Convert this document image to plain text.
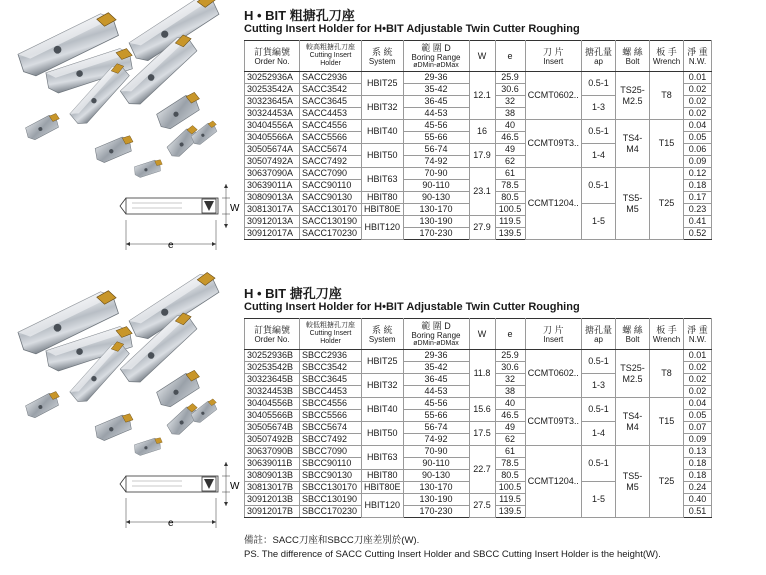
W
e
H • BIT 粗搪孔刀座
Cutting Insert Holder for H•BIT Adjustable Twin Cutter Roughing
訂貨編號
Order No.	較高粗搪孔刀座
Cutting Insert
Holder	系 統
System	範 圍 D
Boring Range
øDMin-øDMax	W	e	刀 片
Insert	搪孔量
ap	螺 絲
Bolt	板 手
Wrench	淨 重
N.W.

30252936A	SACC2936	HBIT25	29-36	12.1	25.9	CCMT0602..	0.5-1	TS25-M2.5	T8	0.01
30253542A	SACC3542		35-42		30.6					0.02
30323645A	SACC3645	HBIT32	36-45		32		1-3			0.02
30324453A	SACC4453		44-53		38					0.02
30404556A	SACC4556	HBIT40	45-56	16	40	CCMT09T3..	0.5-1	TS4-M4	T15	0.04
30405566A	SACC5566		55-66		46.5					0.05
30505674A	SACC5674	HBIT50	56-74	17.9	49		1-4			0.06
30507492A	SACC7492		74-92		62					0.09
30637090A	SACC7090	HBIT63	70-90	23.1	61	CCMT1204..	0.5-1	TS5-M5	T25	0.12
30639011A	SACC90110		90-110		78.5					0.18
30809013A	SACC90130	HBIT80	90-130		80.5					0.17
30813017A	SACC130170	HBIT80E	130-170		100.5		1-5			0.23
30912013A	SACC130190	HBIT120	130-190	27.9	119.5					0.41
30912017A	SACC170230		170-230		139.5					0.52
W
e
H • BIT 搪孔刀座
Cutting Insert Holder for H•BIT Adjustable Twin Cutter Roughing
訂貨編號
Order No.	較低粗搪孔刀座
Cutting Insert
Holder	系 統
System	範 圍 D
Boring Range
øDMin-øDMax	W	e	刀 片
Insert	搪孔量
ap	螺 絲
Bolt	板 手
Wrench	淨 重
N.W.

30252936B	SBCC2936	HBIT25	29-36	11.8	25.9	CCMT0602..	0.5-1	TS25-M2.5	T8	0.01
30253542B	SBCC3542		35-42		30.6					0.02
30323645B	SBCC3645	HBIT32	36-45		32		1-3			0.02
30324453B	SBCC4453		44-53		38					0.02
30404556B	SBCC4556	HBIT40	45-56	15.6	40	CCMT09T3..	0.5-1	TS4-M4	T15	0.04
30405566B	SBCC5566		55-66		46.5					0.05
30505674B	SBCC5674	HBIT50	56-74	17.5	49		1-4			0.07
30507492B	SBCC7492		74-92		62					0.09
30637090B	SBCC7090	HBIT63	70-90	22.7	61	CCMT1204..	0.5-1	TS5-M5	T25	0.13
30639011B	SBCC90110		90-110		78.5					0.18
30809013B	SBCC90130	HBIT80	90-130		80.5					0.18
30813017B	SBCC130170	HBIT80E	130-170		100.5		1-5			0.24
30912013B	SBCC130190	HBIT120	130-190	27.5	119.5					0.40
30912017B	SBCC170230		170-230		139.5					0.51
備註：SACC刀座和SBCC刀座差別於(W).
PS. The difference of SACC Cutting Insert Holder and SBCC Cutting Insert Holder is the height(W).
